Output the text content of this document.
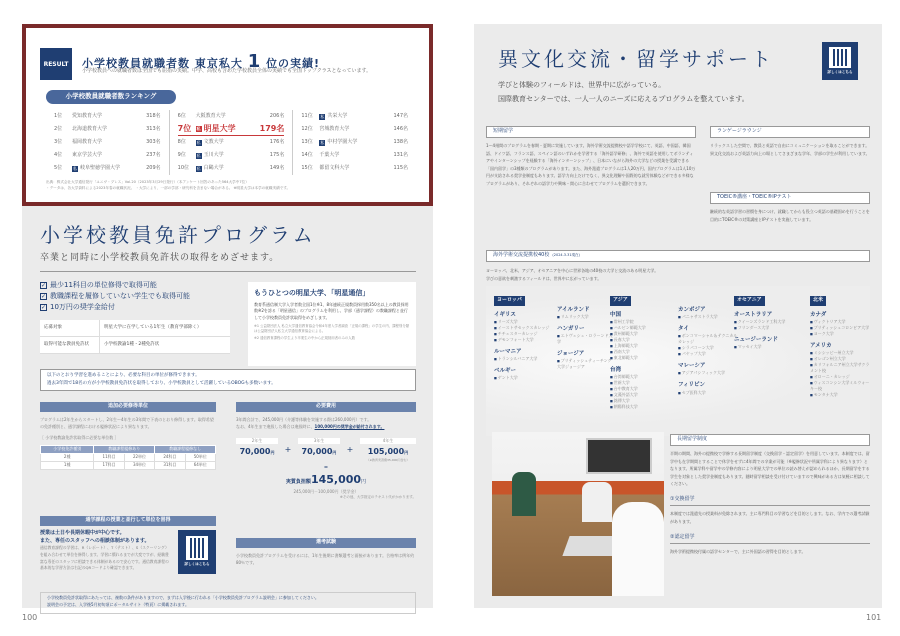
RESULT	小学校教員就職者数 東京私大 1 位の実績!
小学校教員への就職者数は全国でも屈指の実績。中学、高校も含めた学校教員全体の実績でも全国トップクラスとなっています。
小学校教員就職者数ランキング
1位	愛知教育大学	318名
2位	北海道教育大学	313名
3位	福岡教育大学	303名
4位	東京学芸大学	237名
5位	私 岐阜聖徳学園大学	209名
6位	大阪教育大学	206名
7位	私 明星大学	179名
8位	私 文教大学	176名
9位	私 玉川大学	175名
10位	私 白鷗大学	149名
11位	私 共栄大学	147名
12位	宮城教育大学	146名
13位	私 中村学園大学	138名
14位	千葉大学	131名
15位	都留文科大学	115名
出典：株式会社大学通信発行「ユニヴ・プレス」Vol.20（2023年3月29日発行）（本アンケート回答のあった564大学中7位）
・データは、各大学資料による2023年春の就職状況。 ・大学により、一部の学部・研究科を含まない場合がある。 ※明星大学は本学の就職実績です。
小学校教員免許プログラム
卒業と同時に小学校教員免許状の取得をめざせます。
✓ 最少11科目の単位修得で取得可能
✓ 教職課程を履修していない学生でも取得可能
✓ 10万円の奨学金給付
応募対象	明星大学に在学している1年生（教育学部除く）
取得可能な教員免許状	小学校教諭1種・2種免許状
もうひとつの明星大学、「明星通信」

教育系通信制大学入学者数全国1位※1、8年連続正規教員採用数350名以上の教員採用数※2を誇る「明星通信」のプログラムを利用し、学部（通学課程）の教職課程と並行して小学校教員免許状取得をめざします。

※1 公益財団法人 私立大学通信教育協会令和4年度入学者調査「正規の課程」の学生の内、課程別分類は公益財団法人私立大学通信教育協会による。
※2 通信教育課程の学生より卒業生の中から正規採用者のみの人数
以下のとおり学習を進めることにより、必要な科目の単位が修得できます。
過去3年間で18名の方が小学校教員免許状を取得しており、小学校教員として活躍しているOBOGも多数います。
追加必要修得単位

プログラムは2年生からスタートし、2年生〜4年生の3年間で下表のとおり修得します。取得希望の免許種別と、通学課程における履修状況により異なります。

［ 小学校教諭免許状取得に必要な単位数 ］

小学校免許種別	教職課程履修あり		教職課程履修なし	
2種	11科目	22単位	24科目	50単位
1種	17科目	34単位	31科目	64単位
必要費用

3年間合計で、245,000円（介護等体験を実施する際は260,000円）です。

なお、4年生まで進級した場合は進級時に、100,000円の奨学金が給付されます。

2年生
70,000円	+
3年生
70,000円	+
4年生
105,000円
（※教育実習費35,000円含む）
=
実質負担額145,000円
245,000円－100,000円（奨学金）
※その他、大学指定のテキスト代がかかります。
通学課程の授業と並行して単位を習得
授業は土日や長期休暇中が中心です。
また、専任のスタッフへの相談体制があります。

通信教育課程の学習は、R（レポート）、T（テスト）、S（スクーリング）を組み合わせて単位を修得します。学習に慣れるまでが大変ですが、経験豊富な専任のスタッフに相談できる体制があるので安心です。通信教育課程の基本的な学習方法は右記のQRコードより確認できます。

詳しくはこちら
選考試験

小学校教員免許プログラムを受けるには、1年生後期に書類選考と面接があります。合格率は例年約80％です。

小学校教員免許状取得にあたっては、複数の条件がありますので、まずは入学後に行われる「小学校教員免許プログラム説明会」に参加してください。
説明会の予定は、入学後5月初旬頃にポータルサイト（特頁）に掲載されます。
100
異文化交流・留学サポート
学びと体験のフィールドは、世界中に広がっている。
国際教育センターでは、一人一人のニーズに応えるプログラムを整えています。
詳しくはこちら
短期留学

1〜4週間のプログラムを春期・夏期に実施しています。海外学術交流提携校や語学学校にて、英語、中国語、韓国語、ドイツ語、フランス語、スペイン語のいずれかを学習する「海外語学研修」、海外で英語を使用してボランティアやインターンシップを経験する「海外インターンシップ」、日本にいながら海外の大学などの授業を受講できる「国内留学」の3種類のプログラムがあります。また、海外派遣プログラムは1人20万円、国内プログラムは1人10万円が支給される奨学金制度もあります。語学力向上だけでなく、異文化理解や国際的な就労体験などができる多様なプログラムがあり、それぞれの語学力や興味・関心に合わせてプログラムを選択できます。

ランゲージラウンジ

リラックスした空間で、教員と英語で自由にコミュニケーションを取ることができます。異文化交流および英語力向上の場としてさまざまな学年、学部の学生が利用しています。

TOEIC®講座・TOEIC®IPテスト

継続的な英語学習の習慣を身につけ、就職してからも役立つ英語の基礎固めを行うことを目的にTOEIC®の対策講座とIPテストを実施しています。

海外学術交流提携校40校 (2024.3.31現在)

ヨーロッパ、北米、アジア、オセアニアを中心に世界各地の40校の大学と交流のある明星大学。

学びの意欲を刺激するフィールドは、世界中に広がっています。

ヨーロッパ
イギリス
■ リーズ大学
■ イーストサセックスカレッジ
■ チチェスターカレッジ
■ デモンフォート大学
ルーマニア
■ トランシルバニア大学
ベルギー
■ ゲント大学
アイルランド
■ リムリック大学
ハンガリー
■ エトヴェシュ・ロラーンド大学
ジョージア
■ ブリティッシュティーチング大学ジョージア
アジア
中国
■ 常州工学院
■ ハルビン師範大学
■ 貴州師範大学
■ 長春大学
■ 上海師範大学
■ 西南大学
■ 東北師範大学
台湾
■ 台湾師範大学
■ 世新大学
■ 台中教育大学
■ 文藻外語大学
■ 銘傳大学
■ 朝陽科技大学
カンボジア
■ パニャサストラ大学
タイ
■ ボンコマーシャル＆テクニカルカレッジ
■ シラパコーン大学
■ パヤップ大学
マレーシア
■ アジアパシフィック大学
フィリピン
■ セブ医科大学
オセアニア
オーストラリア
■ クイーンズランド工科大学
■ フリンダース大学
ニュージーランド
■ マッセイ大学
北米
カナダ
■ ヴィクトリア大学
■ ブリティッシュコロンビア大学
■ ヨーク大学
アメリカ
■ ミシシッピー州立大学
■ オレゴン州立大学
■ カリフォルニア州立大学サクラメント校
■ オローニ・カレッジ
■ ウィスコンシン大学ミルウォーキー校
■ モンタナ大学
長期留学制度

半期の期間、海外の提携校で学修する長期留学制度（交換留学・認定留学）を用意しています。本制度では、留学中も在学期間とすることで休学をせずに4年間での卒業が可能（※履修状況や所属学科により異なります）となります。所属学科や留学中の学修内容により明星大学での単位の読み替えが認められるほか、長期留学をする学生を対象とした奨学金制度もあります。随時留学相談を受け付けていますので興味がある方は気軽に相談してください。

①交換留学

本制度では派遣先の授業料が免除されます。主に専門科目の学習などを目的とします。なお、学内での選考試験があります。

②認定留学

海外学術提携校付属の語学センターで、主に外国語の習得を目的とします。

101
